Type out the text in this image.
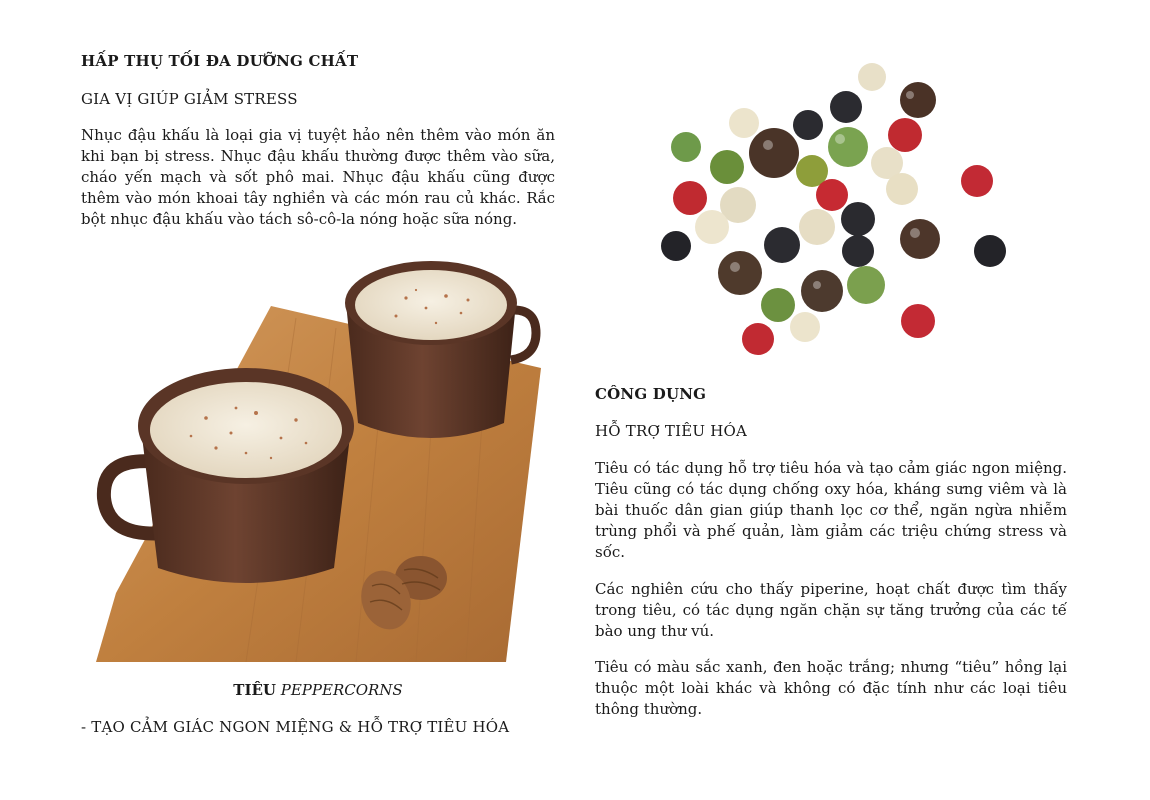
HẤP THỤ TỐI ĐA DƯỠNG CHẤT
GIA VỊ GIÚP GIẢM STRESS

Nhục đậu khấu là loại gia vị tuyệt hảo nên thêm vào món ăn khi bạn bị stress. Nhục đậu khấu thường được thêm vào sữa, cháo yến mạch và sốt phô mai. Nhục đậu khấu cũng được thêm vào món khoai tây nghiền và các món rau củ khác. Rắc bột nhục đậu khấu vào tách sô-cô-la nóng hoặc sữa nóng.

TIÊU PEPPERCORNS
- TẠO CẢM GIÁC NGON MIỆNG & HỖ TRỢ TIÊU HÓA
CÔNG DỤNG
HỖ TRỢ TIÊU HÓA

Tiêu có tác dụng hỗ trợ tiêu hóa và tạo cảm giác ngon miệng. Tiêu cũng có tác dụng chống oxy hóa, kháng sưng viêm và là bài thuốc dân gian giúp thanh lọc cơ thể, ngăn ngừa nhiễm trùng phổi và phế quản, làm giảm các triệu chứng stress và sốc.

Các nghiên cứu cho thấy piperine, hoạt chất được tìm thấy trong tiêu, có tác dụng ngăn chặn sự tăng trưởng của các tế bào ung thư vú.

Tiêu có màu sắc xanh, đen hoặc trắng; nhưng “tiêu” hồng lại thuộc một loài khác và không có đặc tính như các loại tiêu thông thường.
